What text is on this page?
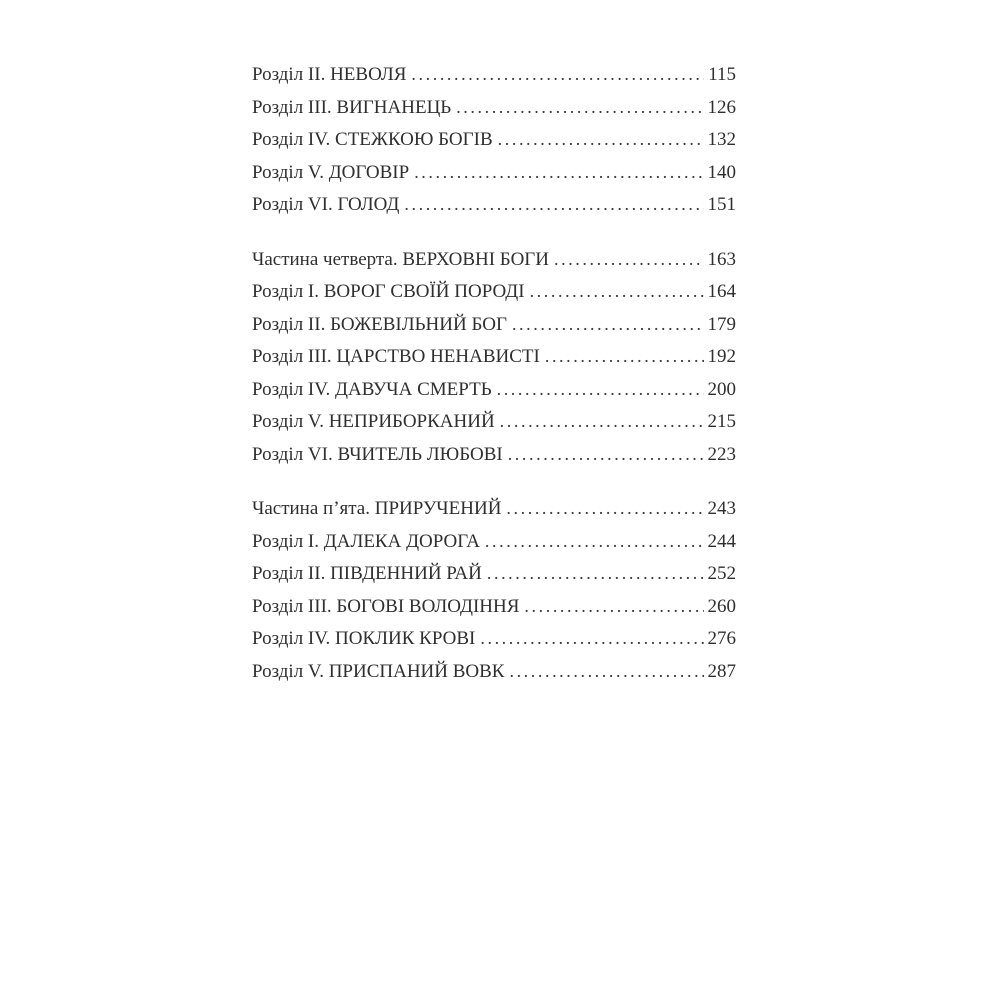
Розділ II. НЕВОЛЯ .....	115
Розділ III. ВИГНАНЕЦЬ .....	126
Розділ IV. СТЕЖКОЮ БОГІВ .....	132
Розділ V. ДОГОВІР .....	140
Розділ VI. ГОЛОД .....	151
Частина четверта. ВЕРХОВНІ БОГИ .....	163
Розділ I. ВОРОГ СВОЇЙ ПОРОДІ .....	164
Розділ II. БОЖЕВІЛЬНИЙ БОГ .....	179
Розділ III. ЦАРСТВО НЕНАВИСТІ .....	192
Розділ IV. ДАВУЧА СМЕРТЬ .....	200
Розділ V. НЕПРИБОРКАНИЙ .....	215
Розділ VI. ВЧИТЕЛЬ ЛЮБОВІ .....	223
Частина п’ята. ПРИРУЧЕНИЙ .....	243
Розділ I. ДАЛЕКА ДОРОГА .....	244
Розділ II. ПІВДЕННИЙ РАЙ .....	252
Розділ III. БОГОВІ ВОЛОДІННЯ .....	260
Розділ IV. ПОКЛИК КРОВІ .....	276
Розділ V. ПРИСПАНИЙ ВОВК .....	287
